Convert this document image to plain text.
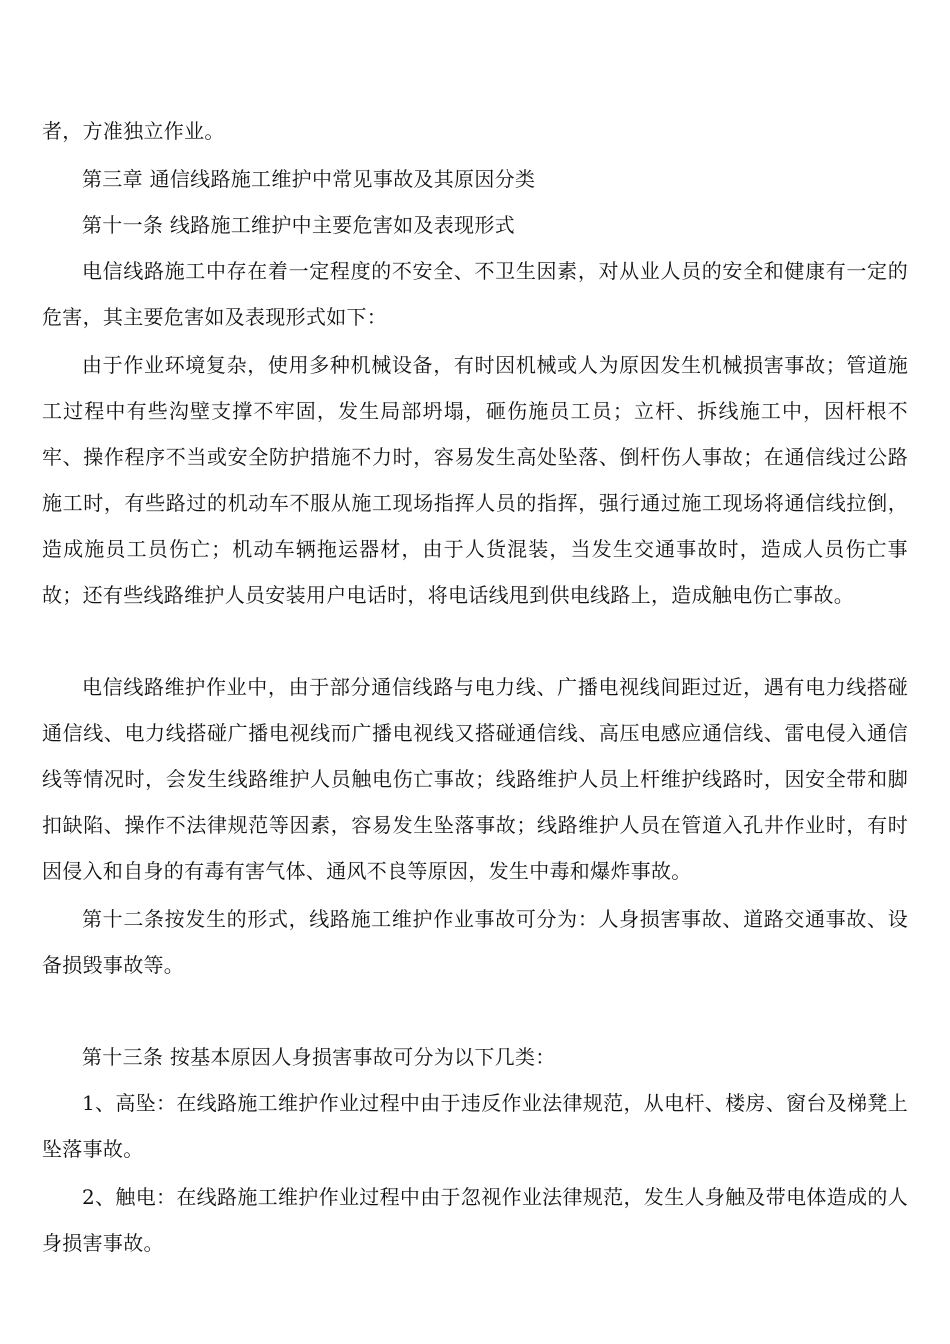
者，方准独立作业。

第三章 通信线路施工维护中常见事故及其原因分类

第十一条 线路施工维护中主要危害如及表现形式

电信线路施工中存在着一定程度的不安全、不卫生因素，对从业人员的安全和健康有一定的危害，其主要危害如及表现形式如下：

由于作业环境复杂，使用多种机械设备，有时因机械或人为原因发生机械损害事故；管道施工过程中有些沟壁支撑不牢固，发生局部坍塌，砸伤施员工员；立杆、拆线施工中，因杆根不牢、操作程序不当或安全防护措施不力时，容易发生高处坠落、倒杆伤人事故；在通信线过公路施工时，有些路过的机动车不服从施工现场指挥人员的指挥，强行通过施工现场将通信线拉倒，造成施员工员伤亡；机动车辆拖运器材，由于人货混装，当发生交通事故时，造成人员伤亡事故；还有些线路维护人员安装用户电话时，将电话线甩到供电线路上，造成触电伤亡事故。

电信线路维护作业中，由于部分通信线路与电力线、广播电视线间距过近，遇有电力线搭碰通信线、电力线搭碰广播电视线而广播电视线又搭碰通信线、高压电感应通信线、雷电侵入通信线等情况时，会发生线路维护人员触电伤亡事故；线路维护人员上杆维护线路时，因安全带和脚扣缺陷、操作不法律规范等因素，容易发生坠落事故；线路维护人员在管道入孔井作业时，有时因侵入和自身的有毒有害气体、通风不良等原因，发生中毒和爆炸事故。

第十二条按发生的形式，线路施工维护作业事故可分为：人身损害事故、道路交通事故、设备损毁事故等。

第十三条 按基本原因人身损害事故可分为以下几类：

1、高坠：在线路施工维护作业过程中由于违反作业法律规范，从电杆、楼房、窗台及梯凳上坠落事故。

2、触电：在线路施工维护作业过程中由于忽视作业法律规范，发生人身触及带电体造成的人身损害事故。
